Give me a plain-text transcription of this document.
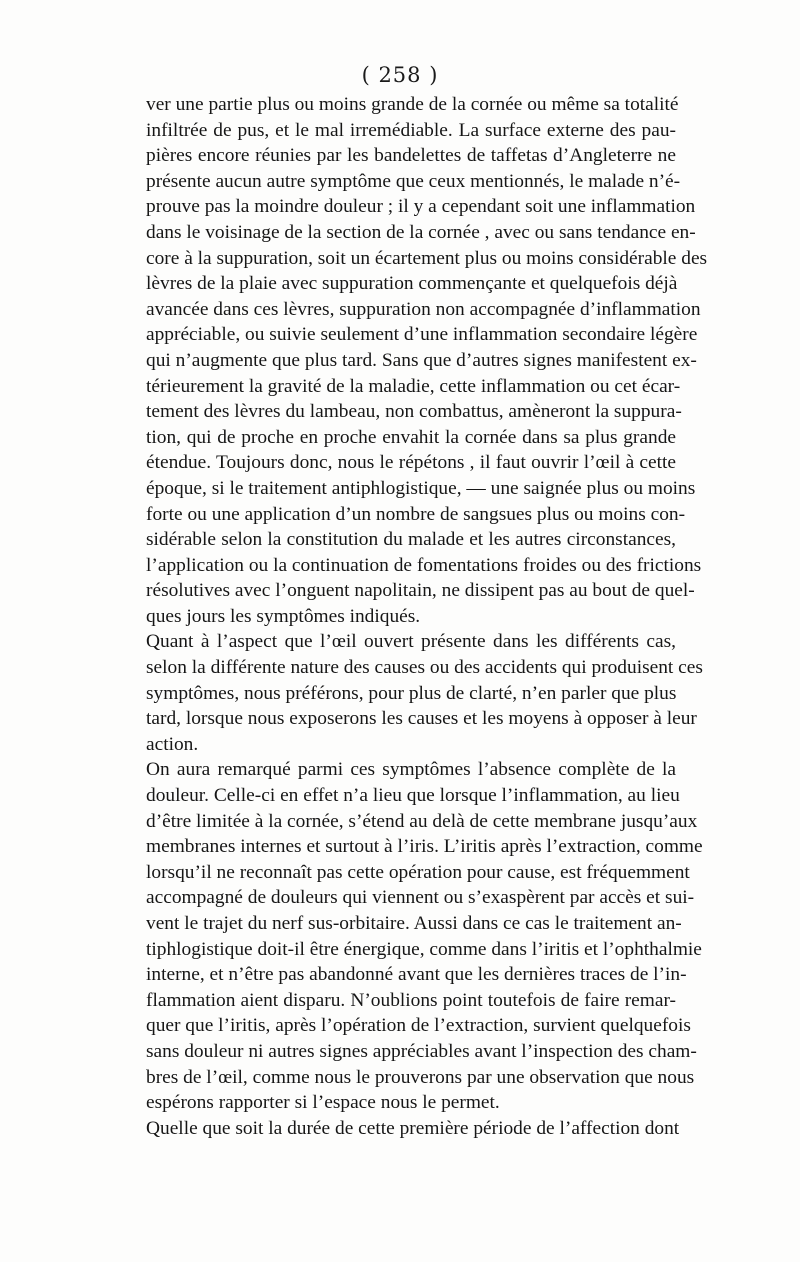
( 258 )
ver une partie plus ou moins grande de la cornée ou même sa totalité
infiltrée de pus, et le mal irremédiable. La surface externe des pau-
pières encore réunies par les bandelettes de taffetas d’Angleterre ne
présente aucun autre symptôme que ceux mentionnés, le malade n’é-
prouve pas la moindre douleur ; il y a cependant soit une inflammation
dans le voisinage de la section de la cornée , avec ou sans tendance en-
core à la suppuration, soit un écartement plus ou moins considérable des
lèvres de la plaie avec suppuration commençante et quelquefois déjà
avancée dans ces lèvres, suppuration non accompagnée d’inflammation
appréciable, ou suivie seulement d’une inflammation secondaire légère
qui n’augmente que plus tard. Sans que d’autres signes manifestent ex-
térieurement la gravité de la maladie, cette inflammation ou cet écar-
tement des lèvres du lambeau, non combattus, amèneront la suppura-
tion, qui de proche en proche envahit la cornée dans sa plus grande
étendue. Toujours donc, nous le répétons , il faut ouvrir l’œil à cette
époque, si le traitement antiphlogistique, — une saignée plus ou moins
forte ou une application d’un nombre de sangsues plus ou moins con-
sidérable selon la constitution du malade et les autres circonstances,
l’application ou la continuation de fomentations froides ou des frictions
résolutives avec l’onguent napolitain, ne dissipent pas au bout de quel-
ques jours les symptômes indiqués.
Quant à l’aspect que l’œil ouvert présente dans les différents cas,
selon la différente nature des causes ou des accidents qui produisent ces
symptômes, nous préférons, pour plus de clarté, n’en parler que plus
tard, lorsque nous exposerons les causes et les moyens à opposer à leur
action.
On aura remarqué parmi ces symptômes l’absence complète de la
douleur. Celle-ci en effet n’a lieu que lorsque l’inflammation, au lieu
d’être limitée à la cornée, s’étend au delà de cette membrane jusqu’aux
membranes internes et surtout à l’iris. L’iritis après l’extraction, comme
lorsqu’il ne reconnaît pas cette opération pour cause, est fréquemment
accompagné de douleurs qui viennent ou s’exaspèrent par accès et sui-
vent le trajet du nerf sus-orbitaire. Aussi dans ce cas le traitement an-
tiphlogistique doit-il être énergique, comme dans l’iritis et l’ophthalmie
interne, et n’être pas abandonné avant que les dernières traces de l’in-
flammation aient disparu. N’oublions point toutefois de faire remar-
quer que l’iritis, après l’opération de l’extraction, survient quelquefois
sans douleur ni autres signes appréciables avant l’inspection des cham-
bres de l’œil, comme nous le prouverons par une observation que nous
espérons rapporter si l’espace nous le permet.
Quelle que soit la durée de cette première période de l’affection dont
